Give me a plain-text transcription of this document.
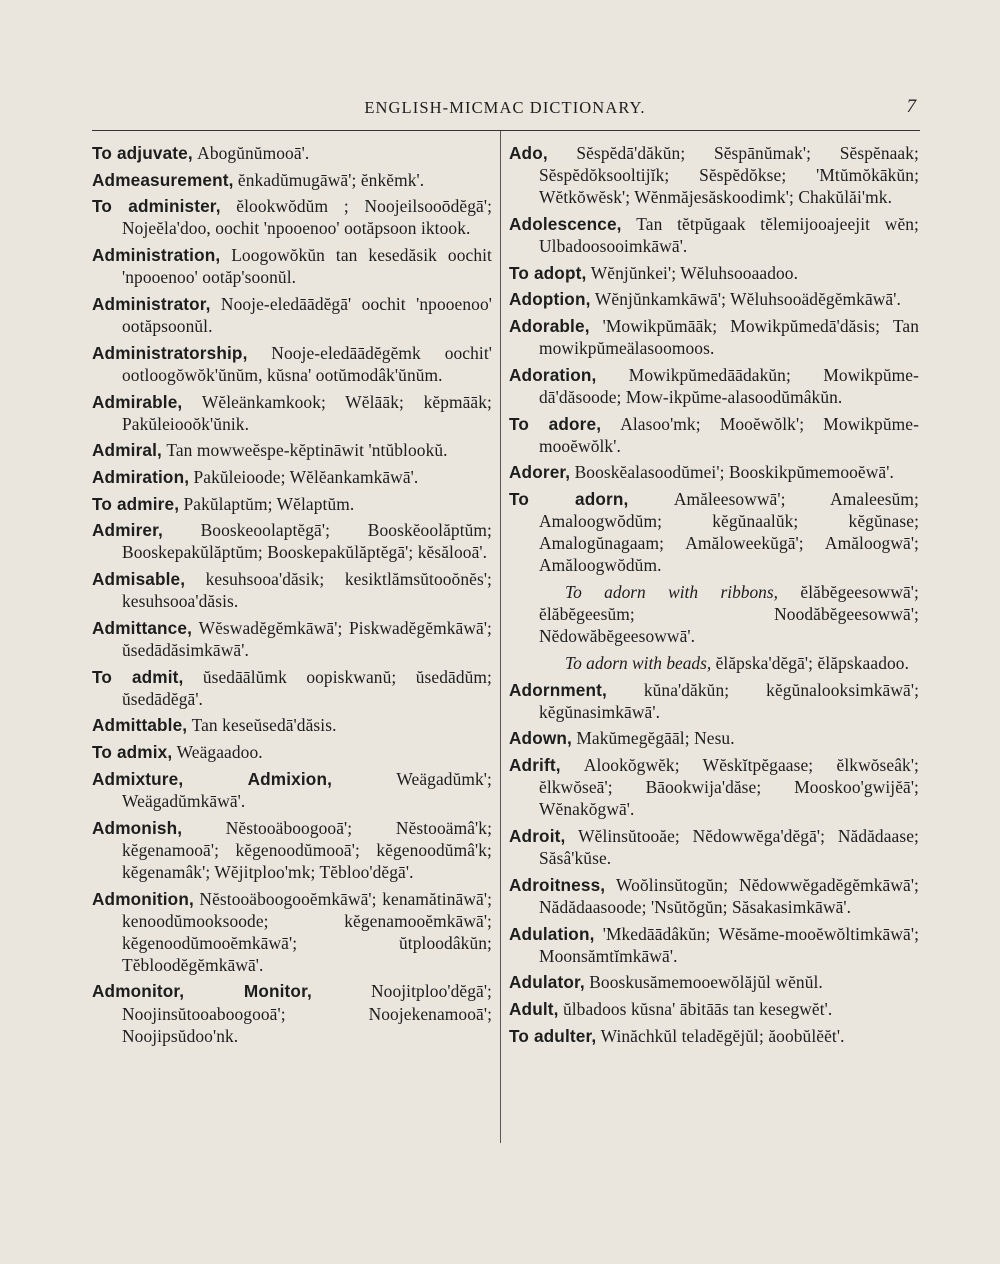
ENGLISH-MICMAC DICTIONARY.	7

To adjuvate, Abogŭnŭmooā'.

Admeasurement, ĕnkadŭmugāwā'; ĕnkĕmk'.

To administer, ĕlookwŏdŭm ; Noojeilsooōdĕgā'; Nojeĕla'doo, oochit 'npooenoo' ootăpsoon iktook.

Administration, Loogowŏkŭn tan kesedăsik oochit 'npooenoo' ootăp'soonŭl.

Administrator, Nooje-eledāādĕgā' oochit 'npooenoo' ootăpsoonŭl.

Administratorship, Nooje-eledāādĕgĕmk oochit' ootloogŏwŏk'ŭnŭm, kŭsna' ootŭmodâk'ŭnŭm.

Admirable, Wĕleänkamkook; Wĕlāāk; kĕpmāāk; Pakŭleiooŏk'ŭnik.

Admiral, Tan mowweĕspe-kĕptināwit 'ntŭblookŭ.

Admiration, Pakŭleioode; Wĕlĕankamkāwā'.

To admire, Pakŭlaptŭm; Wĕlaptŭm.

Admirer, Booskeoolaptĕgā'; Booskĕoolăptŭm; Booskepakŭlăptŭm; Booskepakŭlăptĕgā'; kĕsălooā'.

Admisable, kesuhsooa'dăsik; kesiktlămsŭtooŏnĕs'; kesuhsooa'dăsis.

Admittance, Wĕswadĕgĕmkāwā'; Piskwadĕgĕmkāwā'; ŭsedādăsimkāwā'.

To admit, ŭsedāālŭmk oopiskwanŭ; ŭsedādŭm; ŭsedādĕgā'.

Admittable, Tan keseŭsedā'dăsis.

To admix, Weägaadoo.

Admixture, Admixion,	Weägadŭmk'; Weägadŭmkāwā'.

Admonish,	Nĕstooäboogooā'; Nĕstooämâ'k; kĕgenamooā'; kĕgenoodŭmooā'; kĕgenoodŭmâ'k; kĕgenamâk'; Wĕjitploo'mk; Tĕbloo'dĕgā'.

Admonition, Nĕstooäboogooĕmkāwā'; kenamătināwā'; kenoodŭmooksoode; kĕgenamooĕmkāwā'; kĕgenoodŭmooĕmkāwā'; ŭtploodâkŭn; Tĕbloodĕgĕmkāwā'.

Admonitor, Monitor,	Noojitploo'dĕgā'; Noojinsŭtooaboogooā'; Noojekenamooā'; Noojipsŭdoo'nk.

Ado, Sĕspĕdā'dăkŭn; Sĕspānŭmak'; Sĕspĕnaak; Sĕspĕdŏksooltijĭk; Sĕspĕdŏkse; 'Mtŭmŏkākŭn; Wĕtkŏwĕsk'; Wĕnmăjesăskoodimk'; Chakŭlăi'mk.

Adolescence, Tan tĕtpŭgaak tĕlemijooajeejit wĕn; Ulbadoosooimkāwā'.

To adopt, Wĕnjŭnkei'; Wĕluhsooaadoo.

Adoption, Wĕnjŭnkamkāwā'; Wĕluhsooädĕgĕmkāwā'.

Adorable, 'Mowikpŭmāāk; Mowikpŭmedā'dăsis; Tan mowikpŭmeälasoomoos.

Adoration, Mowikpŭmedāādakŭn; Mowikpŭme-dā'dăsoode; Mow-ikpŭme-alasoodŭmâkŭn.

To adore, Alasoo'mk; Mooĕwŏlk'; Mowikpŭme-mooĕwŏlk'.

Adorer, Booskĕalasoodŭmei'; Booskikpŭmemooĕwā'.

To adorn,	Amăleesowwā'; Amaleesŭm; Amaloogwŏdŭm; kĕgŭnaalŭk; kĕgŭnase; Amalogŭnagaam; Amăloweekŭgā'; Amăloogwā'; Amăloogwŏdŭm.

To adorn with ribbons, ĕlăbĕgeesowwā'; ĕlăbĕgeesŭm; Noodăbĕgeesowwā'; Nĕdowăbĕgeesowwā'.

To adorn with beads, ĕlăpska'dĕgā'; ĕlăpskaadoo.

Adornment, kŭna'dăkŭn; kĕgŭnalooksimkāwā'; kĕgŭnasimkāwā'.

Adown, Makŭmegĕgāāl; Nesu.

Adrift, Alookŏgwĕk; Wĕskĭtpĕgaase; ĕlkwŏseâk'; ĕlkwŏseā'; Bāookwija'dăse; Mooskoo'gwijĕā'; Wĕnakŏgwā'.

Adroit, Wĕlinsŭtooăe; Nĕdowwĕga'dĕgā'; Nădădaase; Săsâ'kŭse.

Adroitness, Woŏlinsŭtogŭn; Nĕdowwĕgadĕgĕmkāwā'; Nădădaasoode; 'Nsŭtŏgŭn; Săsakasimkāwā'.

Adulation, 'Mkedāādâkŭn; Wĕsăme-mooĕwŏltimkāwā'; Moonsămtĭmkāwā'.

Adulator, Booskusămemooewŏlăjŭl wĕnŭl.

Adult, ŭlbadoos kŭsna' ābitāās tan kesegwĕt'.

To adulter, Winăchkŭl teladĕgĕjŭl; ăoobŭlĕĕt'.
